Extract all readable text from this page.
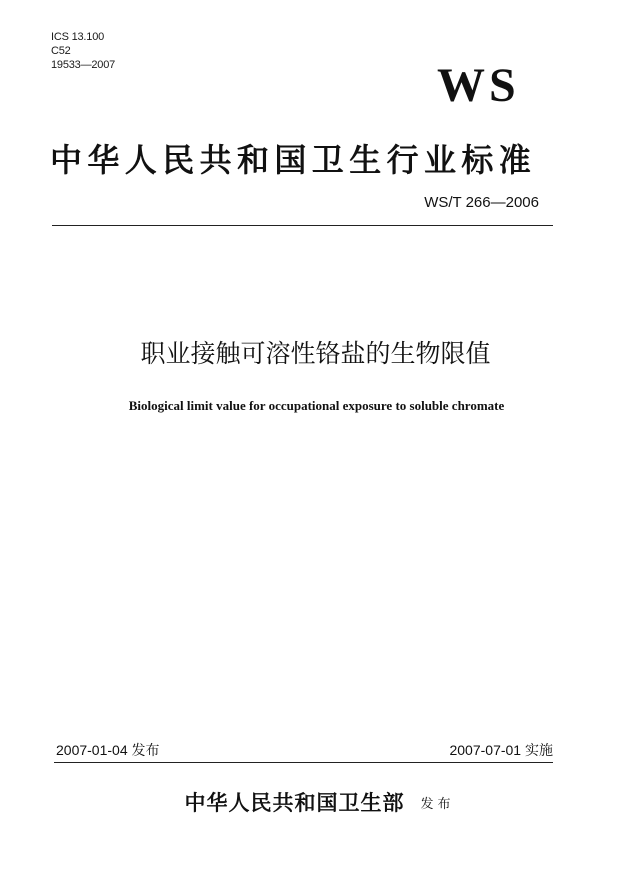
ICS 13.100
C52
19533—2007	WS
中华人民共和国卫生行业标准
WS/T 266—2006
职业接触可溶性铬盐的生物限值
Biological limit value for occupational exposure to soluble chromate
2007-01-04 发布	2007-07-01 实施
中华人民共和国卫生部 发布
